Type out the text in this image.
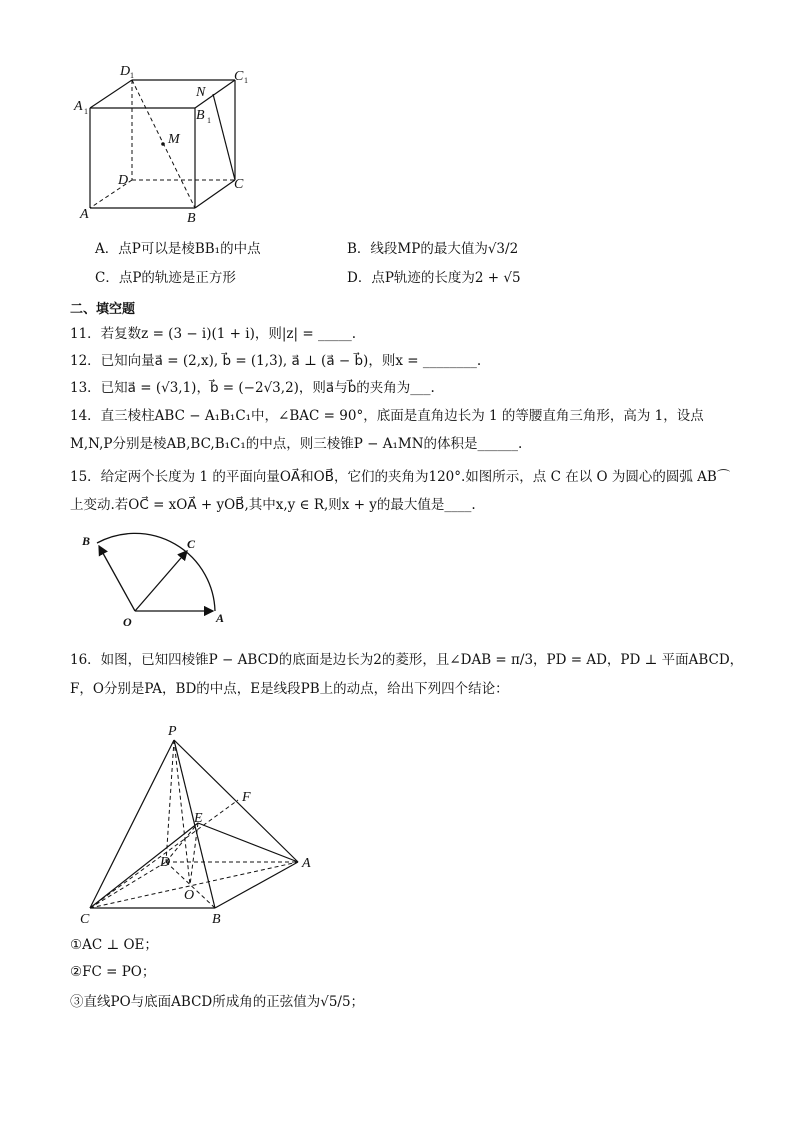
D 1	C 1
A 1
N
B 1
M
D	C
A	B
A．点P可以是棱BB₁的中点	B．线段MP的最大值为√3/2
C．点P的轨迹是正方形	D．点P轨迹的长度为2 + √5
二、填空题
11．若复数z = (3 − i)(1 + i)，则|z| = _____.
12．已知向量a⃗ = (2,x), b⃗ = (1,3), a⃗ ⊥ (a⃗ − b⃗)，则x = ________.
13．已知a⃗ = (√3,1)，b⃗ = (−2√3,2)，则a⃗与b⃗的夹角为___.
14．直三棱柱ABC − A₁B₁C₁中，∠BAC = 90°，底面是直角边长为 1 的等腰直角三角形，高为 1，设点
M,N,P分别是棱AB,BC,B₁C₁的中点，则三棱锥P − A₁MN的体积是______.
15．给定两个长度为 1 的平面向量OA⃗和OB⃗，它们的夹角为120°.如图所示，点 C 在以 O 为圆心的圆弧 AB⌒
上变动.若OC⃗ = xOA⃗ + yOB⃗,其中x,y ∈ R,则x + y的最大值是____.
B	C
O	A
16．如图，已知四棱锥P − ABCD的底面是边长为2的菱形，且∠DAB = π/3，PD = AD，PD ⊥ 平面ABCD，
F，O分别是PA，BD的中点，E是线段PB上的动点，给出下列四个结论：
P
F
E
D	A
O
C	B
①AC ⊥ OE；
②FC = PO；
③直线PO与底面ABCD所成角的正弦值为√5/5；
